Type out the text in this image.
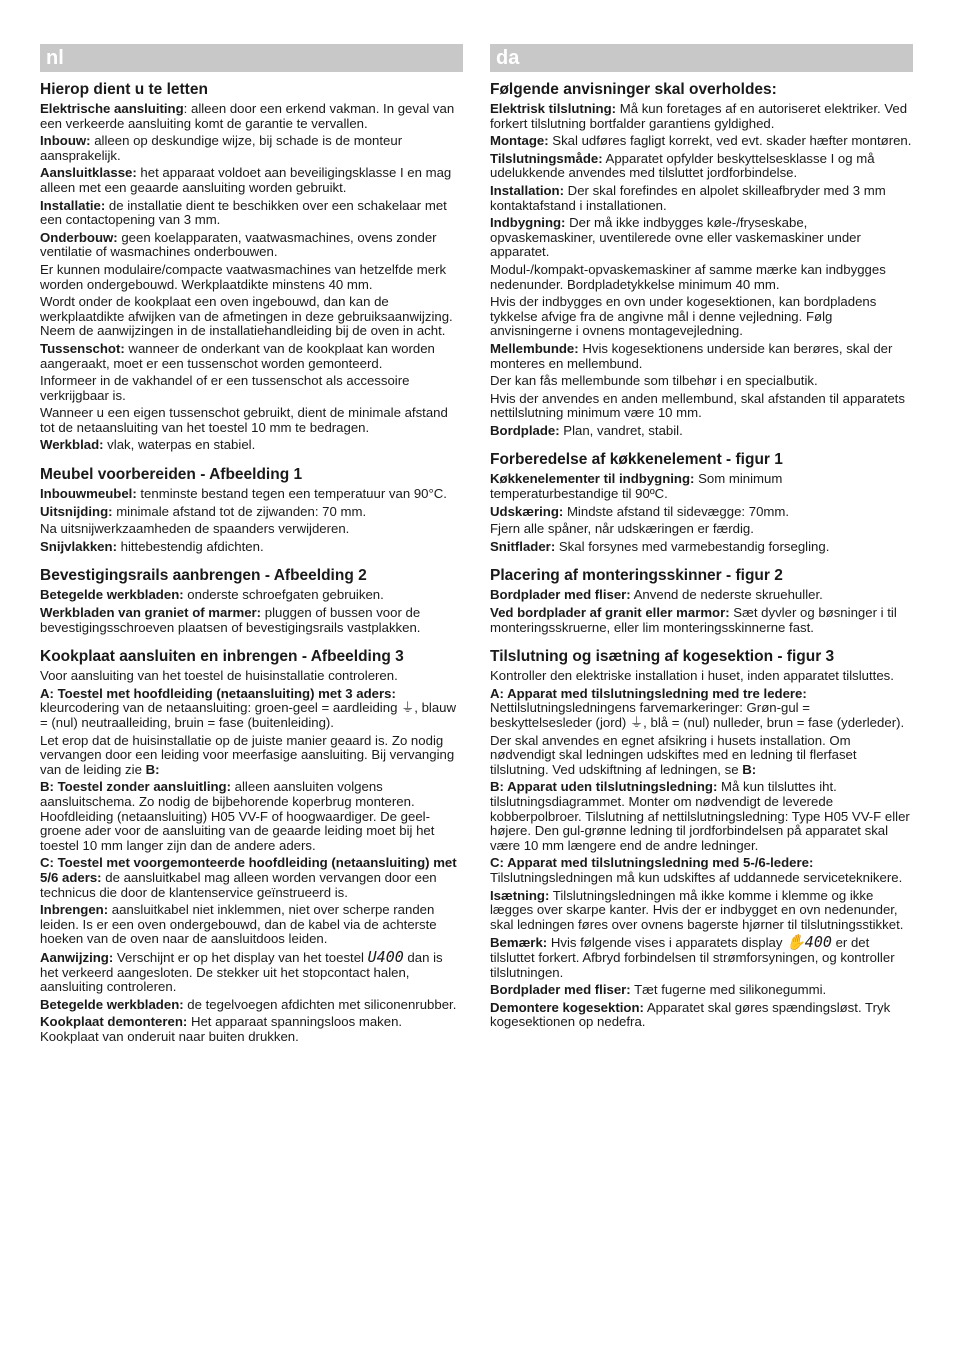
nl
Hierop dient u te letten

Elektrische aansluiting: alleen door een erkend vakman. In geval van een verkeerde aansluiting komt de garantie te vervallen.

Inbouw: alleen op deskundige wijze, bij schade is de monteur aansprakelijk.

Aansluitklasse: het apparaat voldoet aan beveiligingsklasse I en mag alleen met een geaarde aansluiting worden gebruikt.

Installatie: de installatie dient te beschikken over een schakelaar met een contactopening van 3 mm.

Onderbouw: geen koelapparaten, vaatwasmachines, ovens zonder ventilatie of wasmachines onderbouwen.

Er kunnen modulaire/compacte vaatwasmachines van hetzelfde merk worden ondergebouwd. Werkplaatdikte minstens 40 mm.

Wordt onder de kookplaat een oven ingebouwd, dan kan de werkplaatdikte afwijken van de afmetingen in deze gebruiksaanwijzing. Neem de aanwijzingen in de installatiehandleiding bij de oven in acht.

Tussenschot: wanneer de onderkant van de kookplaat kan worden aangeraakt, moet er een tussenschot worden gemonteerd.

Informeer in de vakhandel of er een tussenschot als accessoire verkrijgbaar is.

Wanneer u een eigen tussenschot gebruikt, dient de minimale afstand tot de netaansluiting van het toestel 10 mm te bedragen.

Werkblad: vlak, waterpas en stabiel.

Meubel voorbereiden - Afbeelding 1

Inbouwmeubel: tenminste bestand tegen een temperatuur van 90°C.

Uitsnijding: minimale afstand tot de zijwanden: 70 mm.

Na uitsnijwerkzaamheden de spaanders verwijderen.

Snijvlakken: hittebestendig afdichten.

Bevestigingsrails aanbrengen - Afbeelding 2

Betegelde werkbladen: onderste schroefgaten gebruiken.

Werkbladen van graniet of marmer: pluggen of bussen voor de bevestigingsschroeven plaatsen of bevestigingsrails vastplakken.

Kookplaat aansluiten en inbrengen - Afbeelding 3

Voor aansluiting van het toestel de huisinstallatie controleren.

A: Toestel met hoofdleiding (netaansluiting) met 3 aders: kleurcodering van de netaansluiting: groen-geel = aardleiding ⏚, blauw = (nul) neutraalleiding, bruin = fase (buitenleiding).

Let erop dat de huisinstallatie op de juiste manier geaard is. Zo nodig vervangen door een leiding voor meerfasige aansluiting. Bij vervanging van de leiding zie B:

B: Toestel zonder aansluitling: alleen aansluiten volgens aansluitschema. Zo nodig de bijbehorende koperbrug monteren. Hoofdleiding (netaansluiting) H05 VV-F of hoogwaardiger. De geel-groene ader voor de aansluiting van de geaarde leiding moet bij het toestel 10 mm langer zijn dan de andere aders.

C: Toestel met voorgemonteerde hoofdleiding (netaansluiting) met 5/6 aders: de aansluitkabel mag alleen worden vervangen door een technicus die door de klantenservice geïnstrueerd is.

Inbrengen: aansluitkabel niet inklemmen, niet over scherpe randen leiden. Is er een oven ondergebouwd, dan de kabel via de achterste hoeken van de oven naar de aansluitdoos leiden.

Aanwijzing: Verschijnt er op het display van het toestel U400 dan is het verkeerd aangesloten. De stekker uit het stopcontact halen, aansluiting controleren.

Betegelde werkbladen: de tegelvoegen afdichten met siliconenrubber.

Kookplaat demonteren: Het apparaat spanningsloos maken. Kookplaat van onderuit naar buiten drukken.

da
Følgende anvisninger skal overholdes:

Elektrisk tilslutning: Må kun foretages af en autoriseret elektriker. Ved forkert tilslutning bortfalder garantiens gyldighed.

Montage: Skal udføres fagligt korrekt, ved evt. skader hæfter montøren.

Tilslutningsmåde: Apparatet opfylder beskyttelsesklasse I og må udelukkende anvendes med tilsluttet jordforbindelse.

Installation: Der skal forefindes en alpolet skilleafbryder med 3 mm kontaktafstand i installationen.

Indbygning: Der må ikke indbygges køle-/fryseskabe, opvaskemaskiner, uventilerede ovne eller vaskemaskiner under apparatet.

Modul-/kompakt-opvaskemaskiner af samme mærke kan indbygges nedenunder. Bordpladetykkelse minimum 40 mm.

Hvis der indbygges en ovn under kogesektionen, kan bordpladens tykkelse afvige fra de angivne mål i denne vejledning. Følg anvisningerne i ovnens montagevejledning.

Mellembunde: Hvis kogesektionens underside kan berøres, skal der monteres en mellembund.

Der kan fås mellembunde som tilbehør i en specialbutik.

Hvis der anvendes en anden mellembund, skal afstanden til apparatets nettilslutning minimum være 10 mm.

Bordplade: Plan, vandret, stabil.

Forberedelse af køkkenelement - figur 1

Køkkenelementer til indbygning: Som minimum temperaturbestandige til 90ºC.

Udskæring: Mindste afstand til sidevægge: 70mm.

Fjern alle spåner, når udskæringen er færdig.

Snitflader: Skal forsynes med varmebestandig forsegling.

Placering af monteringsskinner - figur 2

Bordplader med fliser: Anvend de nederste skruehuller.

Ved bordplader af granit eller marmor: Sæt dyvler og bøsninger i til monteringsskruerne, eller lim monteringsskinnerne fast.

Tilslutning og isætning af kogesektion - figur 3

Kontroller den elektriske installation i huset, inden apparatet tilsluttes.

A: Apparat med tilslutningsledning med tre ledere: Nettilslutningsledningens farvemarkeringer: Grøn-gul = beskyttelsesleder (jord) ⏚, blå = (nul) nulleder, brun = fase (yderleder).

Der skal anvendes en egnet afsikring i husets installation. Om nødvendigt skal ledningen udskiftes med en ledning til flerfaset tilslutning. Ved udskiftning af ledningen, se B:

B: Apparat uden tilslutningsledning: Må kun tilsluttes iht. tilslutningsdiagrammet. Monter om nødvendigt de leverede kobberpolbroer. Tilslutning af nettilslutningsledning: Type H05 VV-F eller højere. Den gul-grønne ledning til jordforbindelsen på apparatet skal være 10 mm længere end de andre ledninger.

C: Apparat med tilslutningsledning med 5-/6-ledere: Tilslutningsledningen må kun udskiftes af uddannede serviceteknikere.

Isætning: Tilslutningsledningen må ikke komme i klemme og ikke lægges over skarpe kanter. Hvis der er indbygget en ovn nedenunder, skal ledningen føres over ovnens bagerste hjørner til tilslutningsstikket.

Bemærk: Hvis følgende vises i apparatets display ✋400 er det tilsluttet forkert. Afbryd forbindelsen til strømforsyningen, og kontroller tilslutningen.

Bordplader med fliser: Tæt fugerne med silikonegummi.

Demontere kogesektion: Apparatet skal gøres spændingsløst. Tryk kogesektionen op nedefra.
